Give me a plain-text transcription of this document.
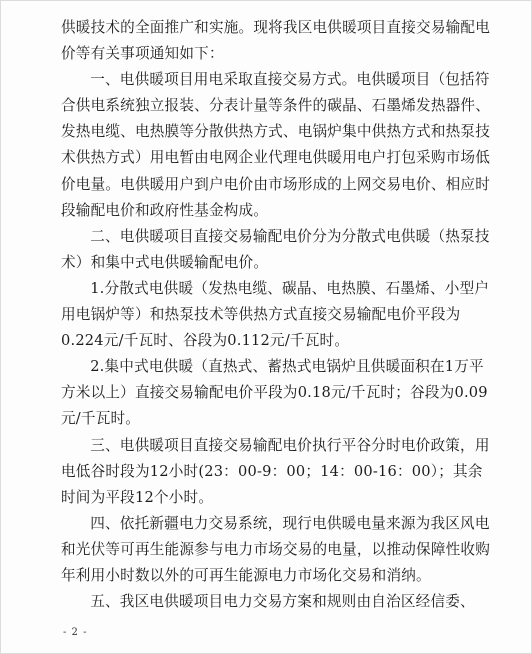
供暖技术的全面推广和实施。现将我区电供暖项目直接交易输配电价等有关事项通知如下：

一、电供暖项目用电采取直接交易方式。电供暖项目（包括符合供电系统独立报装、分表计量等条件的碳晶、石墨烯发热器件、发热电缆、电热膜等分散供热方式、电锅炉集中供热方式和热泵技术供热方式）用电暂由电网企业代理电供暖用电户打包采购市场低价电量。电供暖用户到户电价由市场形成的上网交易电价、相应时段输配电价和政府性基金构成。

二、电供暖项目直接交易输配电价分为分散式电供暖（热泵技术）和集中式电供暖输配电价。

1.分散式电供暖（发热电缆、碳晶、电热膜、石墨烯、小型户用电锅炉等）和热泵技术等供热方式直接交易输配电价平段为0.224元/千瓦时、谷段为0.112元/千瓦时。

2.集中式电供暖（直热式、蓄热式电锅炉且供暖面积在1万平方米以上）直接交易输配电价平段为0.18元/千瓦时；谷段为0.09元/千瓦时。

三、电供暖项目直接交易输配电价执行平谷分时电价政策，用电低谷时段为12小时(23：00-9：00；14：00-16：00）；其余时间为平段12个小时。

四、依托新疆电力交易系统，现行电供暖电量来源为我区风电和光伏等可再生能源参与电力市场交易的电量，以推动保障性收购年利用小时数以外的可再生能源电力市场化交易和消纳。

五、我区电供暖项目电力交易方案和规则由自治区经信委、

- 2 -
